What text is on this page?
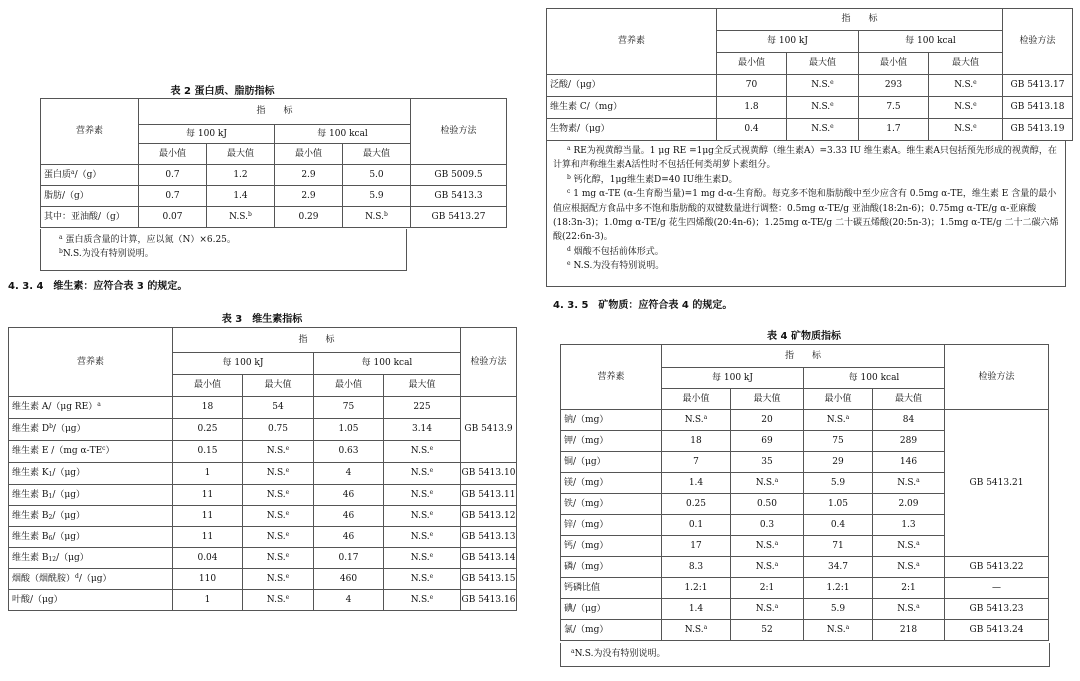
表 2 蛋白质、脂肪指标
营养素	指　　标				检验方法
	每 100 kJ		每 100 kcal		
	最小值	最大值	最小值	最大值	
蛋白质$^a$/（g）	0.7	1.2	2.9	5.0	GB 5009.5
脂肪/（g）	0.7	1.4	2.9	5.9	GB 5413.3
其中：亚油酸/（g）	0.07	N.S.$^b$	0.29	N.S.$^b$	GB 5413.27

$^a$ 蛋白质含量的计算，应以氮（N）×6.25。

$^b$N.S.为没有特别说明。

4. 3. 4　维生素：应符合表 3 的规定。
表 3　维生素指标
营养素	指　　标				检验方法
	每 100 kJ		每 100 kcal		
	最小值	最大值	最小值	最大值	
维生素 A/（μg RE）$^a$	18	54	75	225	GB 5413.9
维生素 $D^b/(\mu g)$	0.25	0.75	1.05	3.14	
维生素 E /（mg $\alpha-TE^c$）	0.15	N.S.$^e$	0.63	N.S.$^e$
维生素 $K_1/(\mu g)$	1	N.S.$^e$	4	N.S.$^e$	GB 5413.10
维生素 $B_1/(\mu g)$	11	N.S.$^e$	46	N.S.$^e$	GB 5413.11
维生素 $B_2/(\mu g)$	11	N.S.$^e$	46	N.S.$^e$	GB 5413.12
维生素 $B_6/(\mu g)$	11	N.S.$^e$	46	N.S.$^e$	GB 5413.13
维生素 $B_{12}/(\mu g)$	0.04	N.S.$^e$	0.17	N.S.$^e$	GB 5413.14
烟酸（烟酰胺）$^d$/（μg）	110	N.S.$^e$	460	N.S.$^e$	GB 5413.15
叶酸/（μg）	1	N.S.$^e$	4	N.S.$^e$	GB 5413.16
营养素	指　　标				检验方法
	每 100 kJ		每 100 kcal		
	最小值	最大值	最小值	最大值	
泛酸/（μg）	70	N.S.$^e$	293	N.S.$^e$	GB 5413.17
维生素 C/（mg）	1.8	N.S.$^e$	7.5	N.S.$^e$	GB 5413.18
生物素/（μg）	0.4	N.S.$^e$	1.7	N.S.$^e$	GB 5413.19

$^a$ RE为视黄醇当量。1 μg RE =1μg全反式视黄醇（维生素A）=3.33 IU 维生素A。维生素A只包括预先形成的视黄醇，在计算和声称维生素A活性时不包括任何类胡萝卜素组分。

$^b$ 钙化醇，1μg维生素D=40 IU维生素D。

$^c$ 1 mg α-TE (α-生育酚当量)=1 mg d-α-生育酚。每克多不饱和脂肪酸中至少应含有 0.5mg α-TE，维生素 E 含量的最小值应根据配方食品中多不饱和脂肪酸的双键数量进行调整：0.5mg α-TE/g 亚油酸(18:2n-6)；0.75mg α-TE/g α-亚麻酸 (18:3n-3)；1.0mg α-TE/g 花生四烯酸(20:4n-6)；1.25mg α-TE/g 二十碳五烯酸(20:5n-3)；1.5mg α-TE/g 二十二碳六烯酸(22:6n-3)。

$^d$ 烟酸不包括前体形式。

$^e$ N.S.为没有特别说明。

4. 3. 5　矿物质：应符合表 4 的规定。
表 4 矿物质指标
营养素	指　　标				检验方法
	每 100 kJ		每 100 kcal		
	最小值	最大值	最小值	最大值	
钠/（mg）	N.S.$^a$	20	N.S.$^a$	84	GB 5413.21
钾/（mg）	18	69	75	289	
铜/（μg）	7	35	29	146	
镁/（mg）	1.4	N.S.$^a$	5.9	N.S.$^a$
铁/（mg）	0.25	0.50	1.05	2.09	
锌/（mg）	0.1	0.3	0.4	1.3	
钙/（mg）	17	N.S.$^a$	71	N.S.$^a$
磷/（mg）	8.3	N.S.$^a$	34.7	N.S.$^a$	GB 5413.22
钙磷比值	1.2:1	2:1	1.2:1	2:1	—
碘/（μg）	1.4	N.S.$^a$	5.9	N.S.$^a$	GB 5413.23
氯/（mg）	N.S.$^a$	52	N.S.$^a$	218	GB 5413.24

$^a$N.S.为没有特别说明。
